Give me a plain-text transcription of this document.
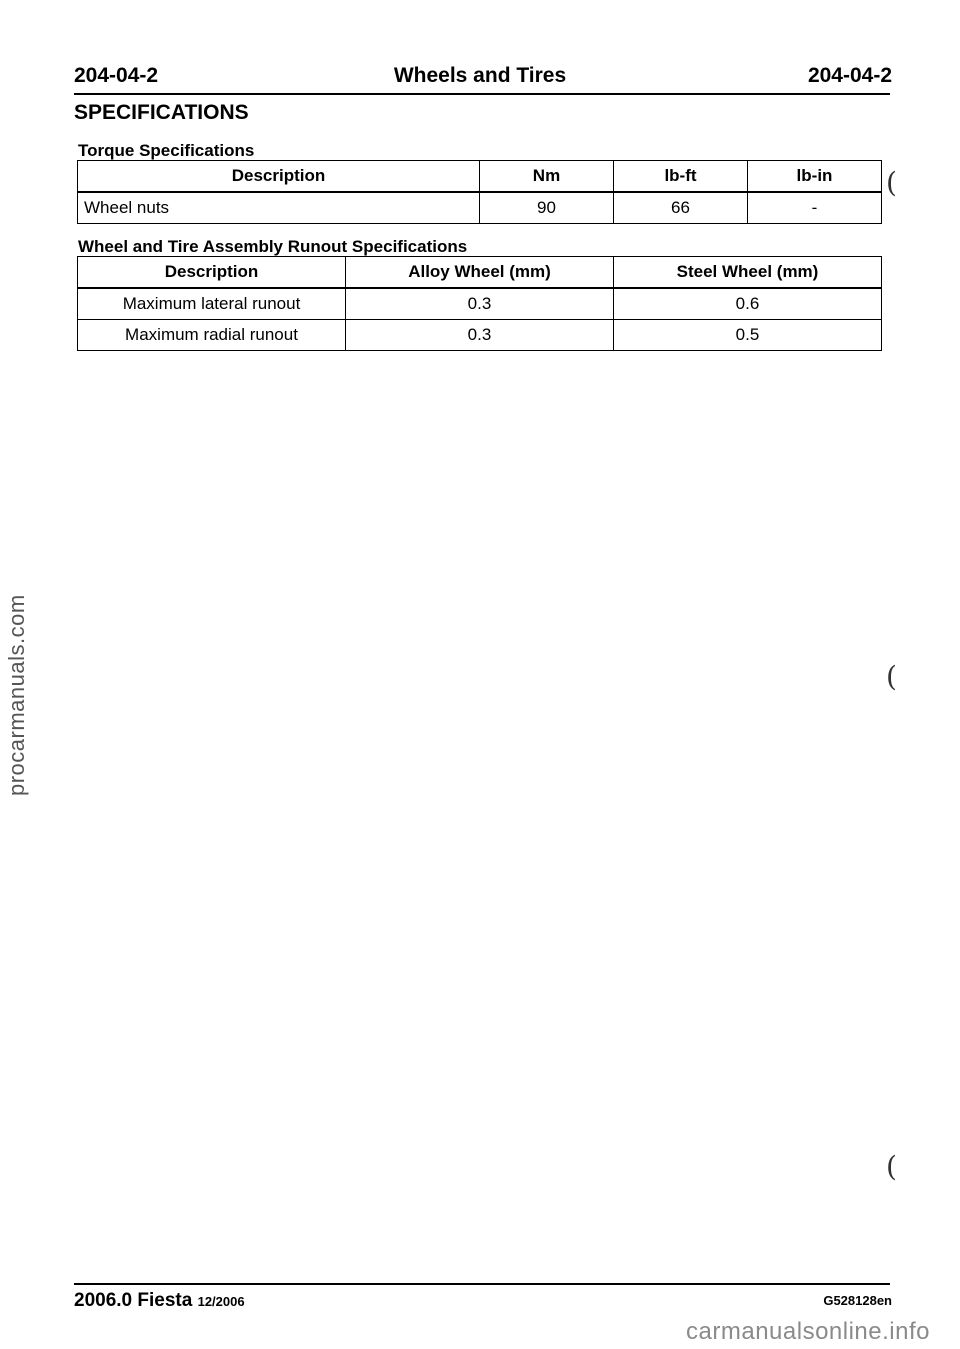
204-04-2	Wheels and Tires	204-04-2
SPECIFICATIONS
Torque Specifications
Description	Nm	lb-ft	lb-in
Wheel nuts	90	66	-
Wheel and Tire Assembly Runout Specifications
Description	Alloy Wheel (mm)	Steel Wheel (mm)
Maximum lateral runout	0.3	0.6
Maximum radial runout	0.3	0.5
(
(
(
2006.0 Fiesta 12/2006	G528128en
procarmanuals.com
carmanualsonline.info
